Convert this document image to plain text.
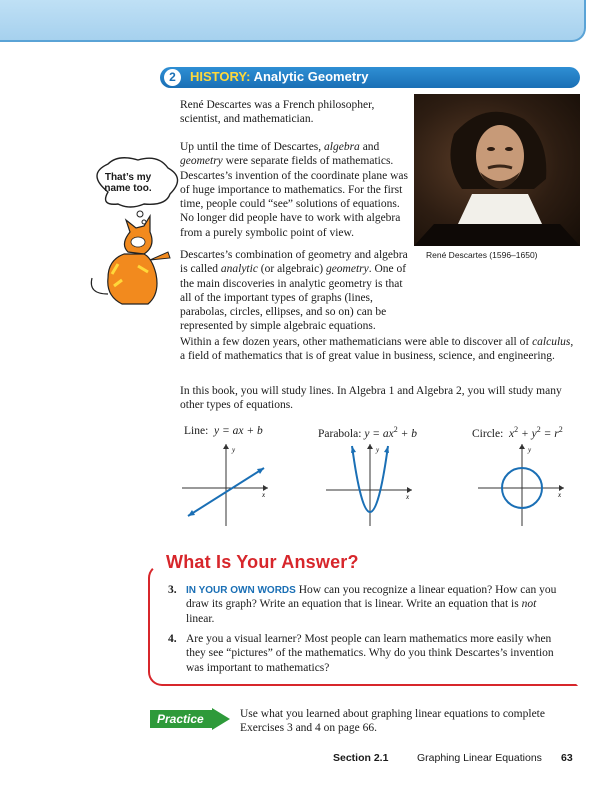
2	HISTORY: Analytic Geometry

René Descartes was a French philosopher, scientist, and mathematician.

Up until the time of Descartes, algebra and geometry were separate fields of mathematics. Descartes’s invention of the coordinate plane was of huge importance to mathematics. For the first time, people could “see” solutions of equations. No longer did people have to work with algebra from a purely symbolic point of view.

Descartes’s combination of geometry and algebra is called analytic (or algebraic) geometry. One of the main discoveries in analytic geometry is that all of the important types of graphs (lines, parabolas, circles, ellipses, and so on) can be represented by simple algebraic equations.

Within a few dozen years, other mathematicians were able to discover all of calculus, a field of mathematics that is of great value in business, science, and engineering.

In this book, you will study lines. In Algebra 1 and Algebra 2, you will study many other types of equations.

René Descartes (1596–1650)
That’s my
name too.
Line: y = ax + b	Parabola: $y = ax^2 + b$	Circle: $x^2 + y^2 = r^2$
y
x
y
x
y
x
What Is Your Answer?
3. IN YOUR OWN WORDS How can you recognize a linear equation? How can you draw its graph? Write an equation that is linear. Write an equation that is not linear.

4. Are you a visual learner? Most people can learn mathematics more easily when they see “pictures” of the mathematics. Why do you think Descartes’s invention was important to mathematics?

Practice	Use what you learned about graphing linear equations to complete Exercises 3 and 4 on page 66.

Section 2.1	Graphing Linear Equations 63
